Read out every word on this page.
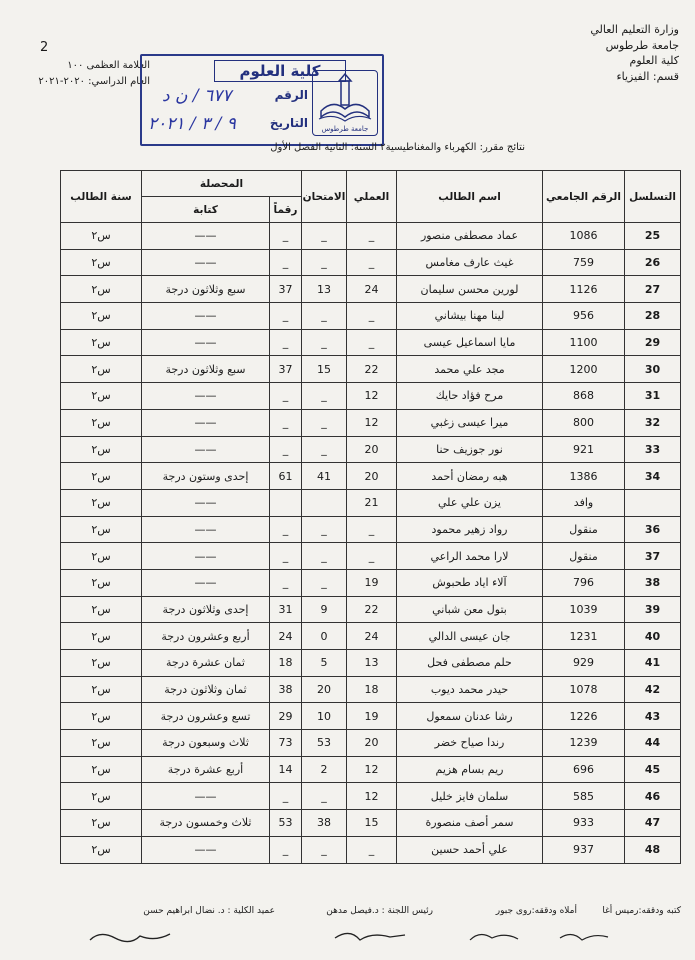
وزارة التعليم العالي
جامعة طرطوس
كلية العلوم
قسم: الفيزياء
2
العلامة العظمى ١٠٠
العام الدراسي: ٢٠٢٠-٢٠٢١
كلية العلوم
الرقم
٦٧٧ / ن د
التاريخ
٩ / ٣ / ٢٠٢١	جامعة طرطوس
نتائج مقرر: الكهرباء والمغناطيسية٢ السنة: الثانية الفصل الأول
التسلسل	الرقم الجامعي	اسم الطالب	العملي	الامتحان	المحصلة		سنة الطالب
					رقماً	كتابة	
25	1086	عماد مصطفى منصور	_	_	_	——	س٢
26	759	غيث عارف مغامس	_	_	_	——	س٢
27	1126	لورين محسن سليمان	24	13	37	سبع وثلاثون درجة	س٢
28	956	لينا مهنا بيشاني	_	_	_	——	س٢
29	1100	مايا اسماعيل عيسى	_	_	_	——	س٢
30	1200	مجد علي محمد	22	15	37	سبع وثلاثون درجة	س٢
31	868	مرح فؤاد حايك	12	_	_	——	س٢
32	800	ميرا عيسى زغبي	12	_	_	——	س٢
33	921	نور جوزيف حنا	20	_	_	——	س٢
34	1386	هبه رمضان أحمد	20	41	61	إحدى وستون درجة	س٢
	وافد	يزن علي علي	21			——	س٢
36	منقول	رواد زهير محمود	_	_	_	——	س٢
37	منقول	لارا محمد الراعي	_	_	_	——	س٢
38	796	آلاء اياد طحبوش	19	_	_	——	س٢
39	1039	بتول معن شباني	22	9	31	إحدى وثلاثون درجة	س٢
40	1231	جان عيسى الدالي	24	0	24	أربع وعشرون درجة	س٢
41	929	حلم مصطفى فحل	13	5	18	ثمان عشرة درجة	س٢
42	1078	حيدر محمد ديوب	18	20	38	ثمان وثلاثون درجة	س٢
43	1226	رشا عدنان سمعول	19	10	29	تسع وعشرون درجة	س٢
44	1239	رندا صياح خضر	20	53	73	ثلاث وسبعون درجة	س٢
45	696	ريم بسام هزيم	12	2	14	أربع عشرة درجة	س٢
46	585	سلمان فايز خليل	12	_	_	——	س٢
47	933	سمر أصف منصورة	15	38	53	ثلاث وخمسون درجة	س٢
48	937	علي أحمد حسين	_	_	_	——	س٢
كتبه ودققه:رميس أغا
أملاه ودققه:روى جبور
رئيس اللجنة : د.فيصل مدهن
عميد الكلية : د. نضال ابراهيم حسن
